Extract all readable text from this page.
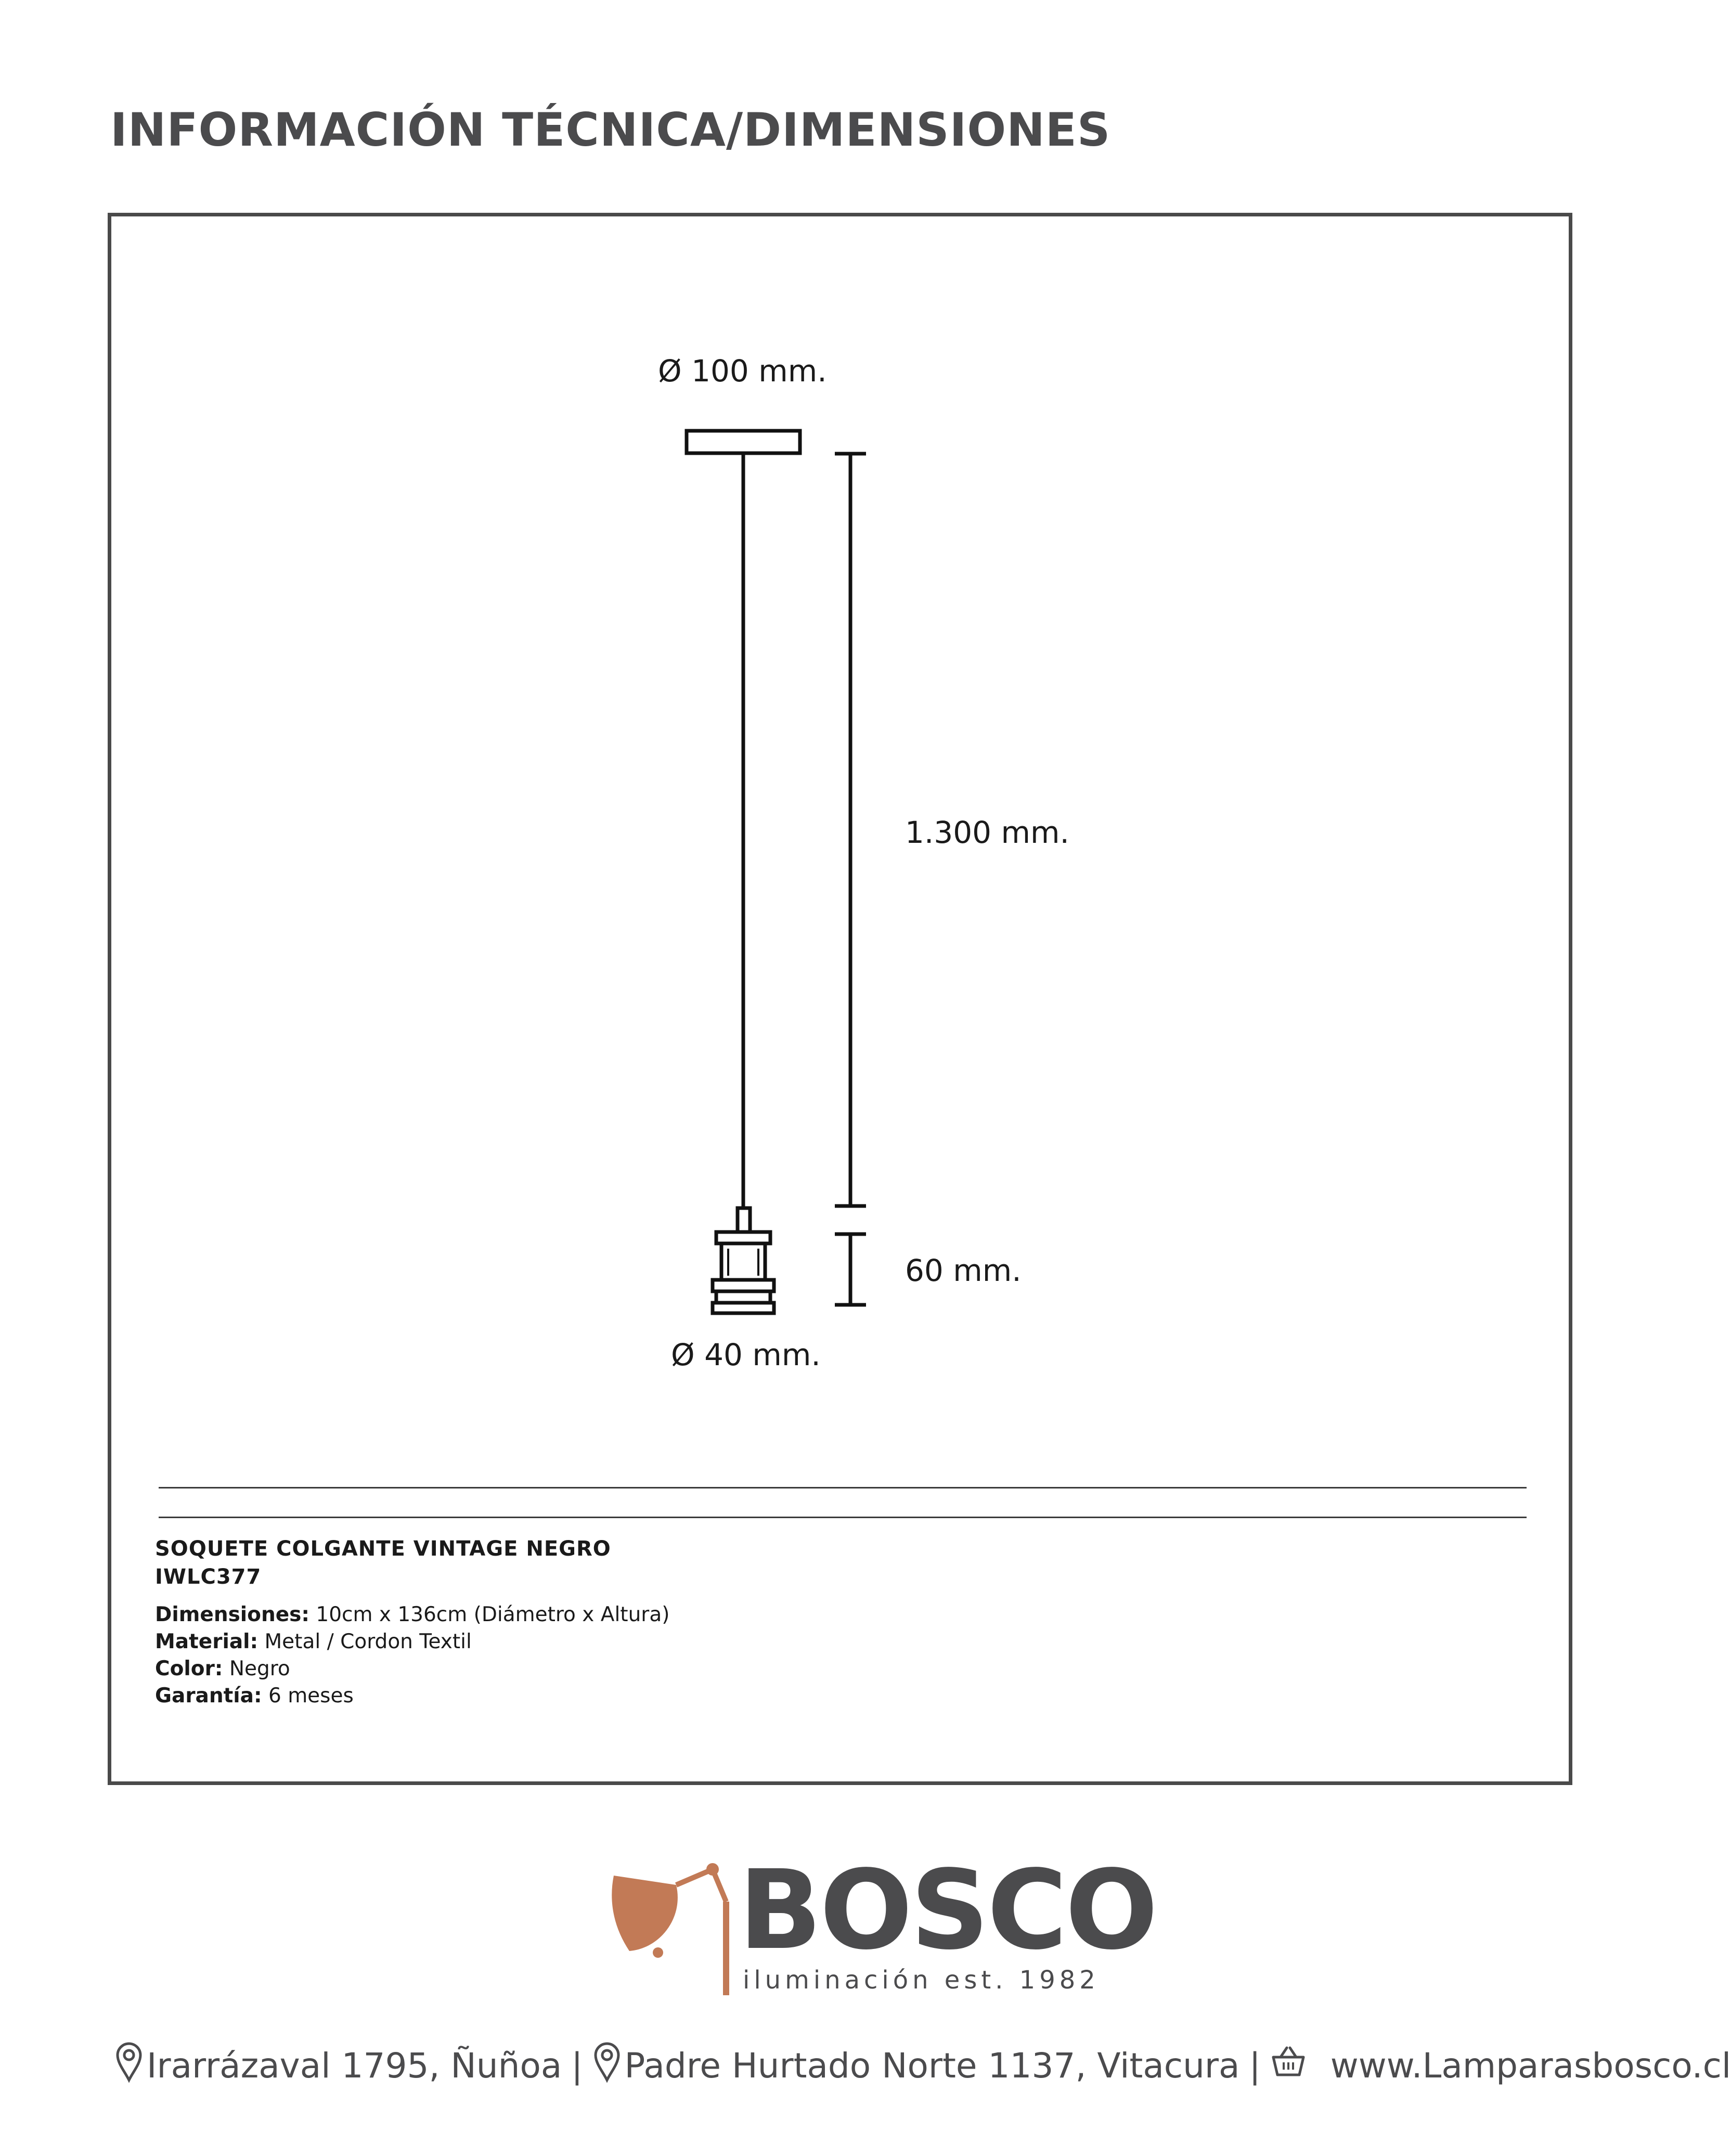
INFORMACIÓN TÉCNICA/DIMENSIONES
Ø 100 mm.
1.300 mm.
60 mm.
Ø 40 mm.
SOQUETE COLGANTE VINTAGE NEGRO
IWLC377
Dimensiones: 10cm x 136cm (Diámetro x Altura)
Material: Metal / Cordon Textil
Color: Negro
Garantía: 6 meses
BOSCO
iluminación est. 1982
Irarrázaval 1795, Ñuñoa | Padre Hurtado Norte 1137, Vitacura | www.Lamparasbosco.cl
